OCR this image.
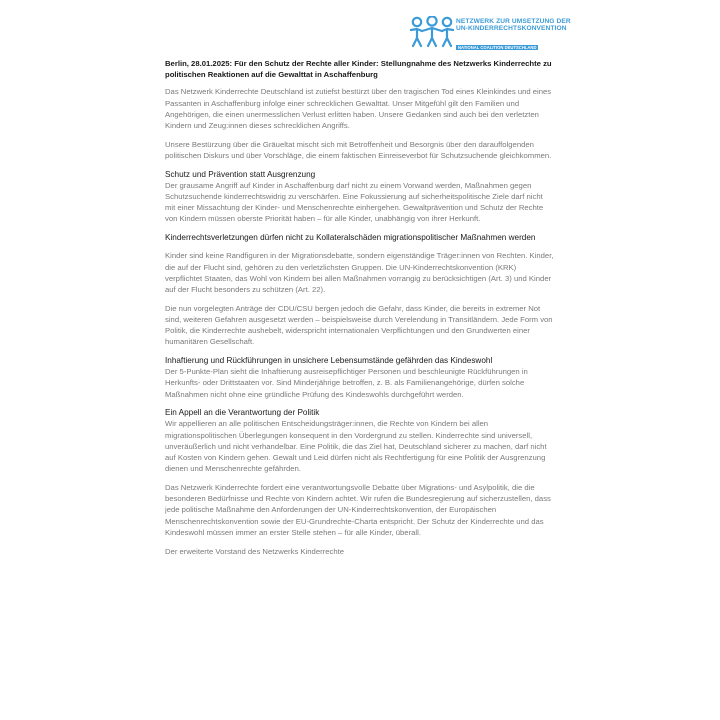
NETZWERK ZUR UMSETZUNG DER
UN-KINDERRECHTSKONVENTION
NATIONAL COALITION DEUTSCHLAND
Berlin, 28.01.2025: Für den Schutz der Rechte aller Kinder: Stellungnahme des Netzwerks Kinderrechte zu politischen Reaktionen auf die Gewalttat in Aschaffenburg

Das Netzwerk Kinderrechte Deutschland ist zutiefst bestürzt über den tragischen Tod eines Kleinkindes und eines Passanten in Aschaffenburg infolge einer schrecklichen Gewalttat. Unser Mitgefühl gilt den Familien und Angehörigen, die einen unermesslichen Verlust erlitten haben. Unsere Gedanken sind auch bei den verletzten Kindern und Zeug:innen dieses schrecklichen Angriffs.

Unsere Bestürzung über die Gräueltat mischt sich mit Betroffenheit und Besorgnis über den darauffolgenden politischen Diskurs und über Vorschläge, die einem faktischen Einreiseverbot für Schutzsuchende gleichkommen.

Schutz und Prävention statt Ausgrenzung

Der grausame Angriff auf Kinder in Aschaffenburg darf nicht zu einem Vorwand werden, Maßnahmen gegen Schutzsuchende kinderrechtswidrig zu verschärfen. Eine Fokussierung auf sicherheitspolitische Ziele darf nicht mit einer Missachtung der Kinder- und Menschenrechte einhergehen. Gewaltprävention und Schutz der Rechte von Kindern müssen oberste Priorität haben – für alle Kinder, unabhängig von ihrer Herkunft.

Kinderrechtsverletzungen dürfen nicht zu Kollateralschäden migrationspolitischer Maßnahmen werden

Kinder sind keine Randfiguren in der Migrationsdebatte, sondern eigenständige Träger:innen von Rechten. Kinder, die auf der Flucht sind, gehören zu den verletzlichsten Gruppen. Die UN-Kinderrechtskonvention (KRK) verpflichtet Staaten, das Wohl von Kindern bei allen Maßnahmen vorrangig zu berücksichtigen (Art. 3) und Kinder auf der Flucht besonders zu schützen (Art. 22).

Die nun vorgelegten Anträge der CDU/CSU bergen jedoch die Gefahr, dass Kinder, die bereits in extremer Not sind, weiteren Gefahren ausgesetzt werden – beispielsweise durch Verelendung in Transitländern. Jede Form von Politik, die Kinderrechte aushebelt, widerspricht internationalen Verpflichtungen und den Grundwerten einer humanitären Gesellschaft.

Inhaftierung und Rückführungen in unsichere Lebensumstände gefährden das Kindeswohl

Der 5-Punkte-Plan sieht die Inhaftierung ausreisepflichtiger Personen und beschleunigte Rückführungen in Herkunfts- oder Drittstaaten vor. Sind Minderjährige betroffen, z. B. als Familienangehörige, dürfen solche Maßnahmen nicht ohne eine gründliche Prüfung des Kindeswohls durchgeführt werden.

Ein Appell an die Verantwortung der Politik

Wir appellieren an alle politischen Entscheidungsträger:innen, die Rechte von Kindern bei allen migrationspolitischen Überlegungen konsequent in den Vordergrund zu stellen. Kinderrechte sind universell, unveräußerlich und nicht verhandelbar. Eine Politik, die das Ziel hat, Deutschland sicherer zu machen, darf nicht auf Kosten von Kindern gehen. Gewalt und Leid dürfen nicht als Rechtfertigung für eine Politik der Ausgrenzung dienen und Menschenrechte gefährden.

Das Netzwerk Kinderrechte fordert eine verantwortungsvolle Debatte über Migrations- und Asylpolitik, die die besonderen Bedürfnisse und Rechte von Kindern achtet. Wir rufen die Bundesregierung auf sicherzustellen, dass jede politische Maßnahme den Anforderungen der UN-Kinderrechtskonvention, der Europäischen Menschenrechtskonvention sowie der EU-Grundrechte-Charta entspricht. Der Schutz der Kinderrechte und das Kindeswohl müssen immer an erster Stelle stehen – für alle Kinder, überall.

Der erweiterte Vorstand des Netzwerks Kinderrechte
